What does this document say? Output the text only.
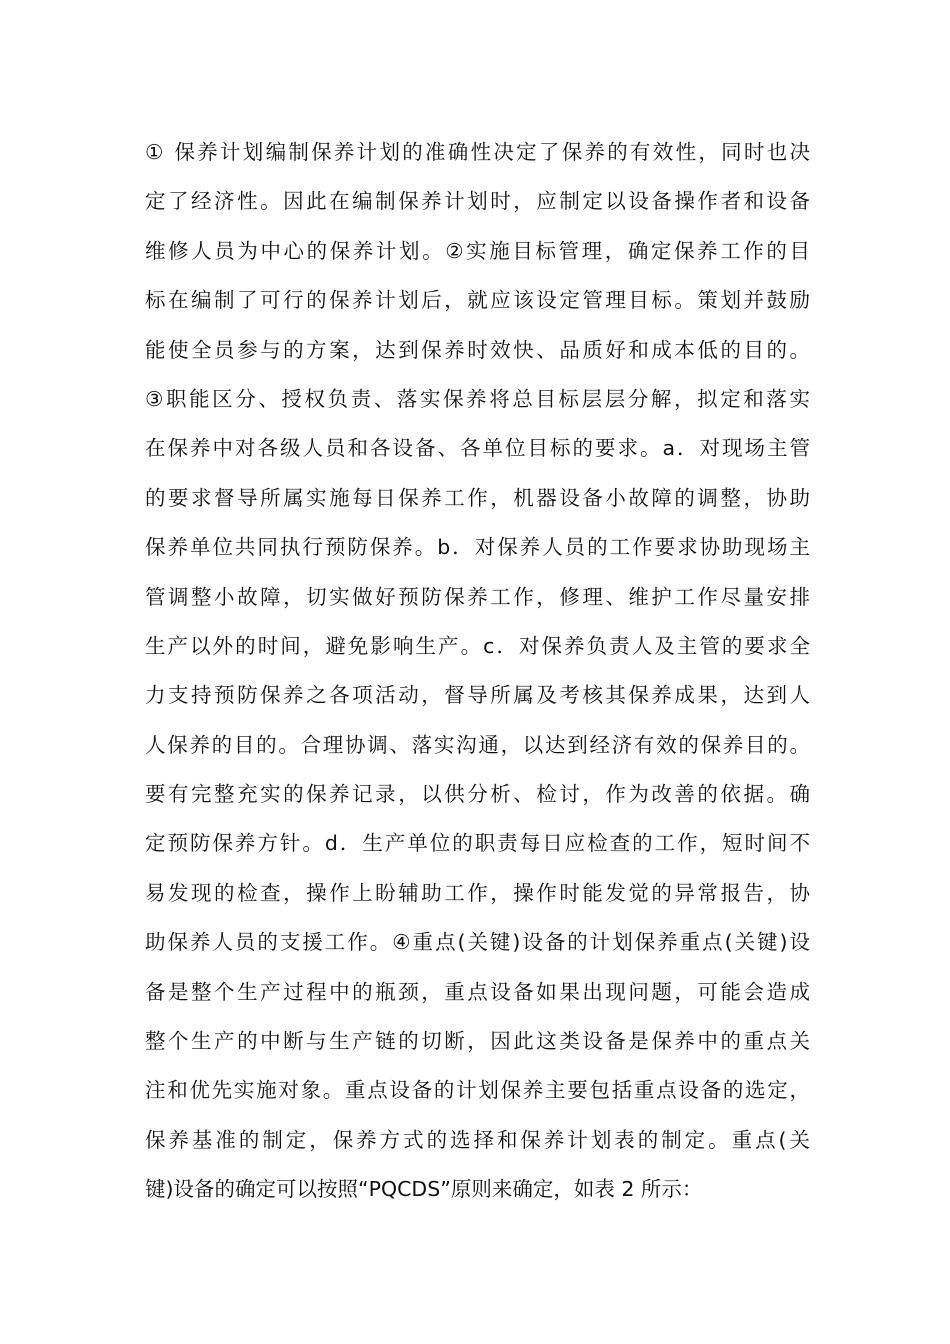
① 保养计划编制保养计划的准确性决定了保养的有效性，同时也决
定了经济性。因此在编制保养计划时，应制定以设备操作者和设备
维修人员为中心的保养计划。②实施目标管理，确定保养工作的目
标在编制了可行的保养计划后，就应该设定管理目标。策划并鼓励
能使全员参与的方案，达到保养时效快、品质好和成本低的目的。
③职能区分、授权负责、落实保养将总目标层层分解，拟定和落实
在保养中对各级人员和各设备、各单位目标的要求。a．对现场主管
的要求督导所属实施每日保养工作，机器设备小故障的调整，协助
保养单位共同执行预防保养。b．对保养人员的工作要求协助现场主
管调整小故障，切实做好预防保养工作，修理、维护工作尽量安排
生产以外的时间，避免影响生产。c．对保养负责人及主管的要求全
力支持预防保养之各项活动，督导所属及考核其保养成果，达到人
人保养的目的。合理协调、落实沟通，以达到经济有效的保养目的。
要有完整充实的保养记录，以供分析、检讨，作为改善的依据。确
定预防保养方针。d．生产单位的职责每日应检查的工作，短时间不
易发现的检查，操作上盼辅助工作，操作时能发觉的异常报告，协
助保养人员的支援工作。④重点(关键)设备的计划保养重点(关键)设
备是整个生产过程中的瓶颈，重点设备如果出现问题，可能会造成
整个生产的中断与生产链的切断，因此这类设备是保养中的重点关
注和优先实施对象。重点设备的计划保养主要包括重点设备的选定，
保养基准的制定，保养方式的选择和保养计划表的制定。重点(关
键)设备的确定可以按照“PQCDS”原则来确定，如表 2 所示：
